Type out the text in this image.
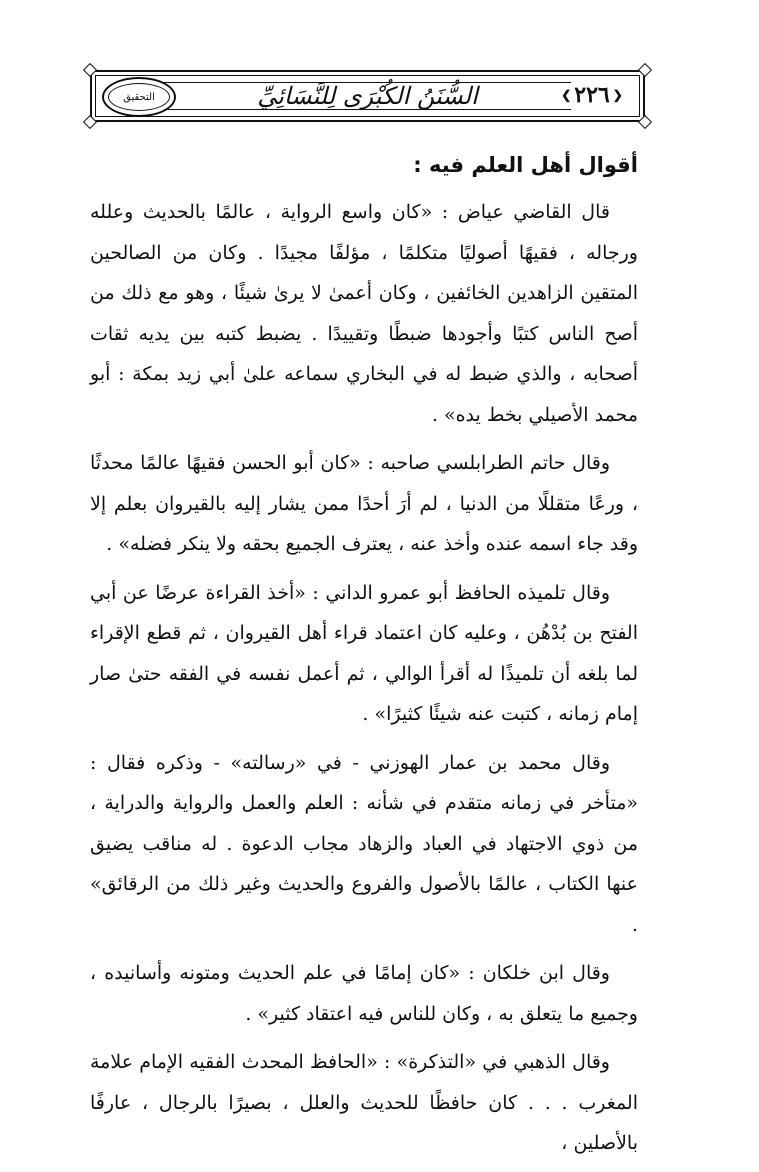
❮ ٢٢٦ ❯
السُّنَنُ الكُبْرَى لِلنَّسَائِيِّ
التحقيق
أقوال أهل العلم فيه :

قال القاضي عياض : «كان واسع الرواية ، عالمًا بالحديث وعلله ورجاله ، فقيهًا أصوليًا متكلمًا ، مؤلفًا مجيدًا . وكان من الصالحين المتقين الزاهدين الخائفين ، وكان أعمىٰ لا يرىٰ شيئًا ، وهو مع ذلك من أصح الناس كتبًا وأجودها ضبطًا وتقييدًا . يضبط كتبه بين يديه ثقات أصحابه ، والذي ضبط له في البخاري سماعه علىٰ أبي زيد بمكة : أبو محمد الأصيلي بخط يده» .

وقال حاتم الطرابلسي صاحبه : «كان أبو الحسن فقيهًا عالمًا محدثًا ، ورعًا متقللًا من الدنيا ، لم أرَ أحدًا ممن يشار إليه بالقيروان بعلم إلا وقد جاء اسمه عنده وأخذ عنه ، يعترف الجميع بحقه ولا ينكر فضله» .

وقال تلميذه الحافظ أبو عمرو الداني : «أخذ القراءة عرضًا عن أبي الفتح بن بُدْهُن ، وعليه كان اعتماد قراء أهل القيروان ، ثم قطع الإقراء لما بلغه أن تلميذًا له أقرأ الوالي ، ثم أعمل نفسه في الفقه حتىٰ صار إمام زمانه ، كتبت عنه شيئًا كثيرًا» .

وقال محمد بن عمار الهوزني - في «رسالته» - وذكره فقال : «متأخر في زمانه متقدم في شأنه : العلم والعمل والرواية والدراية ، من ذوي الاجتهاد في العباد والزهاد مجاب الدعوة . له مناقب يضيق عنها الكتاب ، عالمًا بالأصول والفروع والحديث وغير ذلك من الرقائق» .

وقال ابن خلكان : «كان إمامًا في علم الحديث ومتونه وأسانيده ، وجميع ما يتعلق به ، وكان للناس فيه اعتقاد كثير» .

وقال الذهبي في «التذكرة» : «الحافظ المحدث الفقيه الإمام علامة المغرب . . . كان حافظًا للحديث والعلل ، بصيرًا بالرجال ، عارفًا بالأصلين ،
